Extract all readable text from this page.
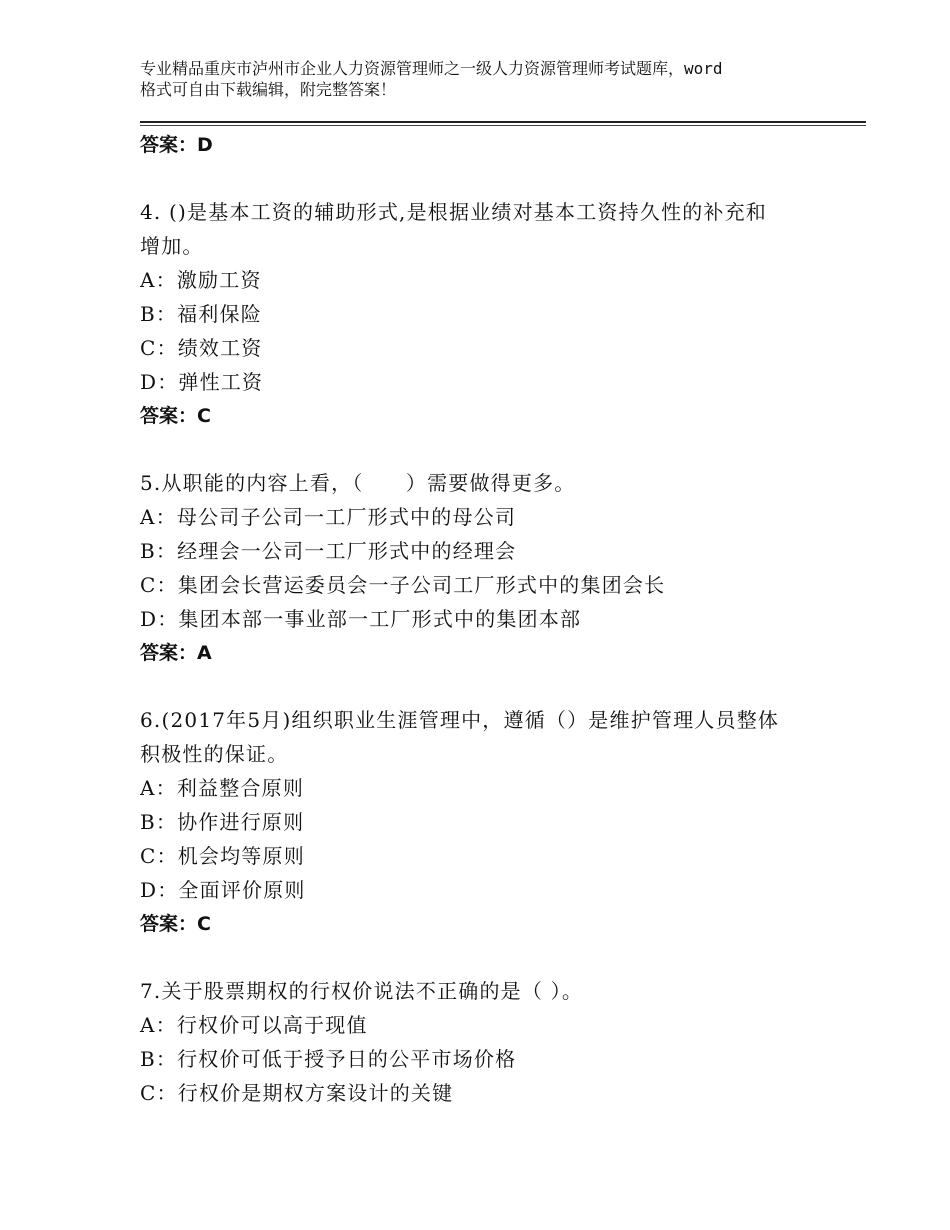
专业精品重庆市泸州市企业人力资源管理师之一级人力资源管理师考试题库，word
格式可自由下载编辑，附完整答案！
答案：D
4. ()是基本工资的辅助形式,是根据业绩对基本工资持久性的补充和
增加。
A：激励工资
B：福利保险
C：绩效工资
D：弹性工资
答案：C
5.从职能的内容上看，（　　）需要做得更多。
A：母公司子公司一工厂形式中的母公司
B：经理会一公司一工厂形式中的经理会
C：集团会长营运委员会一子公司工厂形式中的集团会长
D：集团本部一事业部一工厂形式中的集团本部
答案：A
6.(2017年5月)组织职业生涯管理中，遵循（）是维护管理人员整体
积极性的保证。
A：利益整合原则
B：协作进行原则
C：机会均等原则
D：全面评价原则
答案：C
7.关于股票期权的行权价说法不正确的是（ ）。
A：行权价可以高于现值
B：行权价可低于授予日的公平市场价格
C：行权价是期权方案设计的关键
